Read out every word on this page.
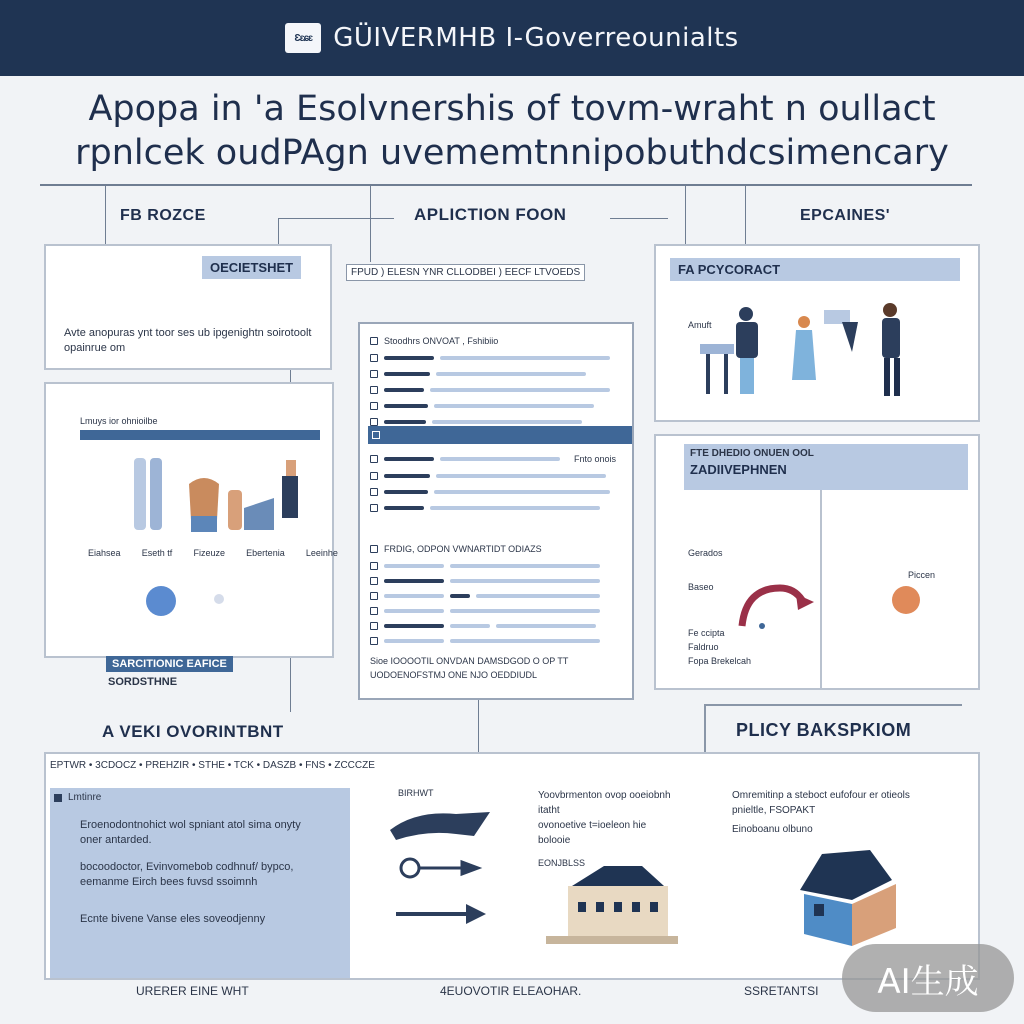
Ɛɛɕɛ GÜIVERMHB I-Goverreounialts
Apopa in 'a Esolvnershis of tovm-wraht n oullact
rpnlcek oudPAgn uvememtnnipobuthdcsimencary
FB ROZCE	APLICTION FOON	EPCAINES'
FPUD ) ELESN YNR CLLODBEI ) EECF LTVOEDS
OECIETSHET
Avte anopuras ynt toor ses ub ipgenightn soirotoolt opainrue om
Lmuys ior ohnioilbe
Eiahsea Eseth tf Fizeuze Ebertenia Leeinhe
SARCITIONIC EAFICE
SORDSTHNE
Stoodhrs ONVOAT , Fshibiio
Fnto onois
FRDIG, ODPON VWNARTIDT ODIAZS
Sioe IOOOOTIL ONVDAN DAMSDGOD O OP TT
UODOENOFSTMJ ONE NJO OEDDIUDL
FA PCYCORACT
Amuft
FTE DHEDIO ONUEN OOL
ZADIIVEPHNEN
Gerados
Baseo
Piccen
Fe ccipta
Faldruo
Fopa Brekelcah
A VEKI OVORINTBNT	PLICY BAKSPKIOM
EPTWR • 3CDOCZ • PREHZIR • STHE • TCK • DASZB • FNS • ZCCCZE
Lmtinre
Eroenodontnohict wol spniant atol sima onyty oner antarded.
bocoodoctor, Evinvomebob codhnuf/ bypco, eemanme Eirch bees fuvsd ssoimnh
Ecnte bivene Vanse eles soveodjenny
BIRHWT	Yoovbrmenton ovop ooeiobnh itatht
ovonoetive t=ioeleon hie
bolooie
EONJBLSS
Omremitinp a steboct eufofour er otieols
pnieltle, FSOPAKT
Einoboanu olbuno
URERER EINE WHT	4EUOVOTIR ELEAOHAR.	SSRETANTSI	AI生成
